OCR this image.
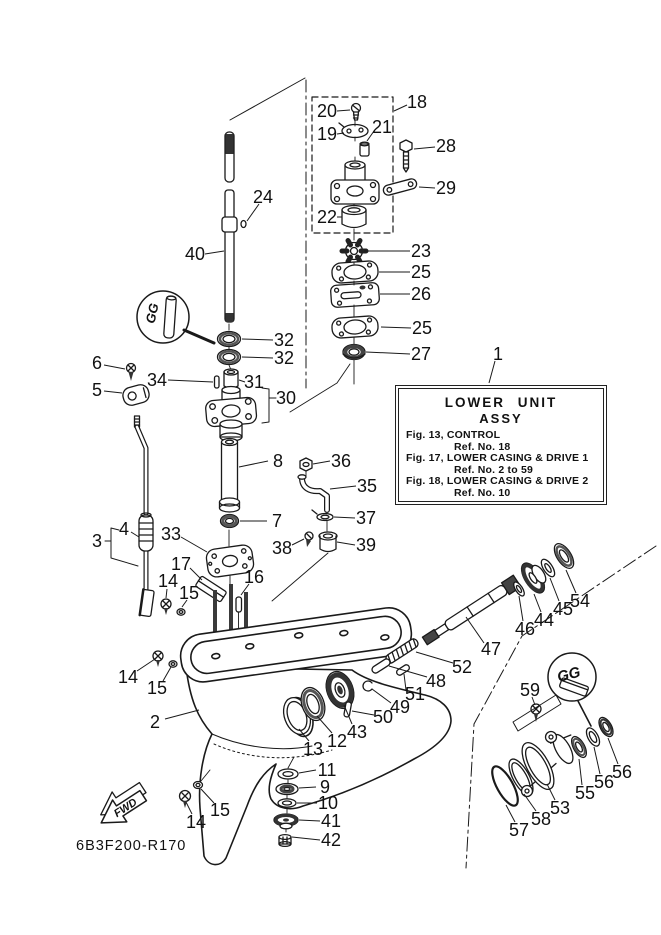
FWD
GG
GG
6B3F200-R170
18
20
21
19
28
29
24
22
40	23
25
26
25
27
32
32	1
6
34	31
5	30
8	36
35
7	37
33
38	39
3
4
17
14
15
16
14
15
2
46
44
45
54
47
52
48
51
49
50
13 12 43
59
11
9
10
41
42
14
15
57
58
53
55
56
56
LOWER UNIT
ASSY
Fig. 13, CONTROL
Ref. No. 18
Fig. 17, LOWER CASING & DRIVE 1
Ref. No. 2 to 59
Fig. 18, LOWER CASING & DRIVE 2
Ref. No. 10
